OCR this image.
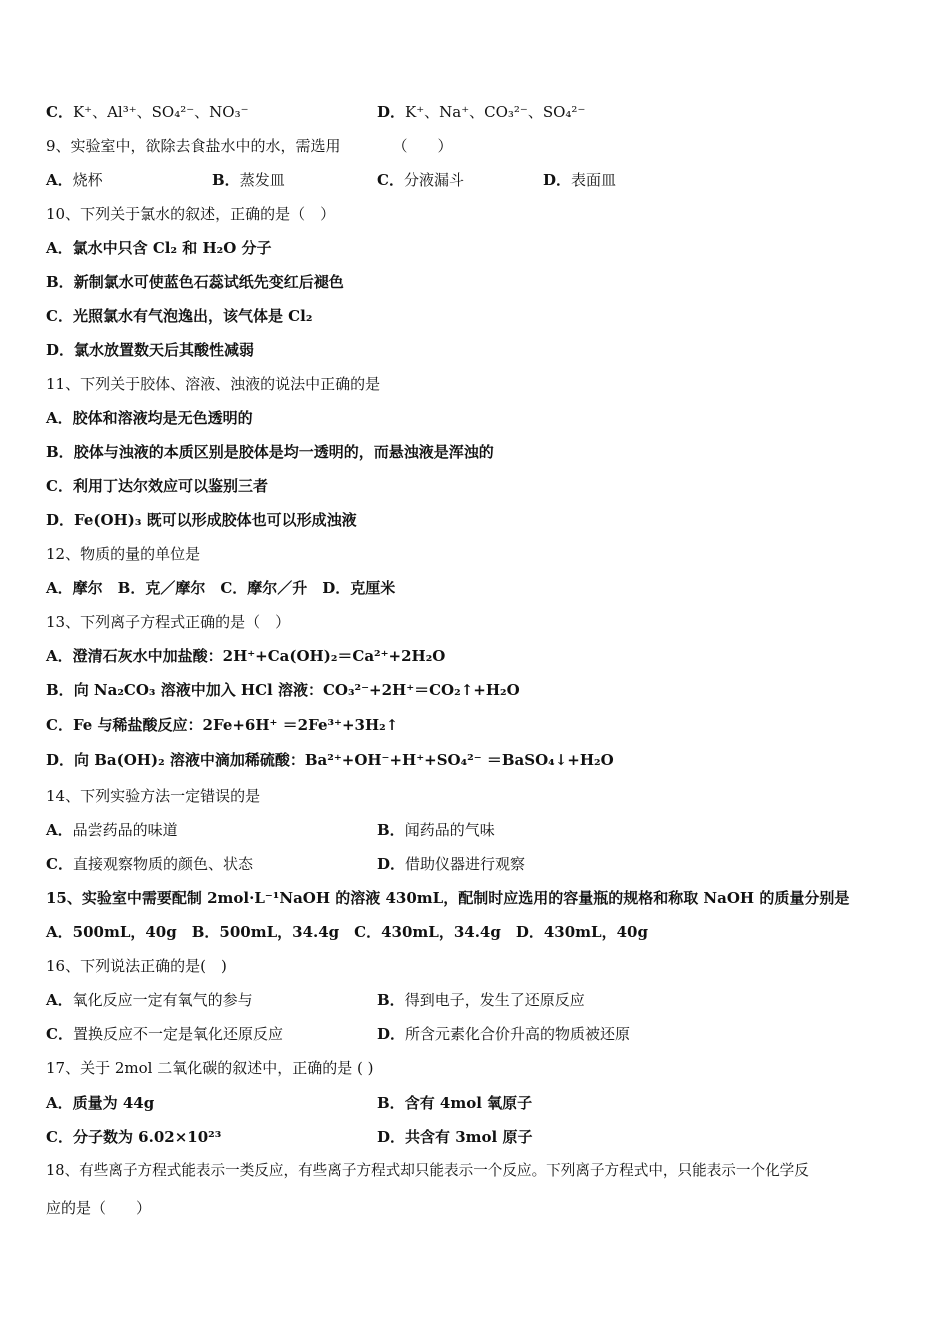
C．K⁺、Al³⁺、SO₄²⁻、NO₃⁻	D．K⁺、Na⁺、CO₃²⁻、SO₄²⁻
9、实验室中，欲除去食盐水中的水，需选用	（　　）
A．烧杯	B．蒸发皿	C．分液漏斗	D．表面皿
10、下列关于氯水的叙述，正确的是（　）
A．氯水中只含 Cl₂ 和 H₂O 分子
B．新制氯水可使蓝色石蕊试纸先变红后褪色
C．光照氯水有气泡逸出，该气体是 Cl₂
D．氯水放置数天后其酸性减弱
11、下列关于胶体、溶液、浊液的说法中正确的是
A．胶体和溶液均是无色透明的
B．胶体与浊液的本质区别是胶体是均一透明的，而悬浊液是浑浊的
C．利用丁达尔效应可以鉴别三者
D．Fe(OH)₃ 既可以形成胶体也可以形成浊液
12、物质的量的单位是
A．摩尔　B．克／摩尔　C．摩尔／升　D．克厘米
13、下列离子方程式正确的是（　）
A．澄清石灰水中加盐酸：2H⁺+Ca(OH)₂＝Ca²⁺+2H₂O
B．向 Na₂CO₃ 溶液中加入 HCl 溶液：CO₃²⁻+2H⁺＝CO₂↑+H₂O
C．Fe 与稀盐酸反应：2Fe+6H⁺ ＝2Fe³⁺+3H₂↑
D．向 Ba(OH)₂ 溶液中滴加稀硫酸：Ba²⁺+OH⁻+H⁺+SO₄²⁻ ＝BaSO₄↓+H₂O
14、下列实验方法一定错误的是
A．品尝药品的味道	B．闻药品的气味
C．直接观察物质的颜色、状态	D．借助仪器进行观察
15、实验室中需要配制 2mol·L⁻¹NaOH 的溶液 430mL，配制时应选用的容量瓶的规格和称取 NaOH 的质量分别是
A．500mL，40g　B．500mL，34.4g　C．430mL，34.4g　D．430mL，40g
16、下列说法正确的是(　)
A．氧化反应一定有氧气的参与	B．得到电子，发生了还原反应
C．置换反应不一定是氧化还原反应	D．所含元素化合价升高的物质被还原
17、关于 2mol 二氧化碳的叙述中，正确的是 ( )
A．质量为 44g	B．含有 4mol 氧原子
C．分子数为 6.02×10²³	D．共含有 3mol 原子
18、有些离子方程式能表示一类反应，有些离子方程式却只能表示一个反应。下列离子方程式中，只能表示一个化学反
应的是（　　）
